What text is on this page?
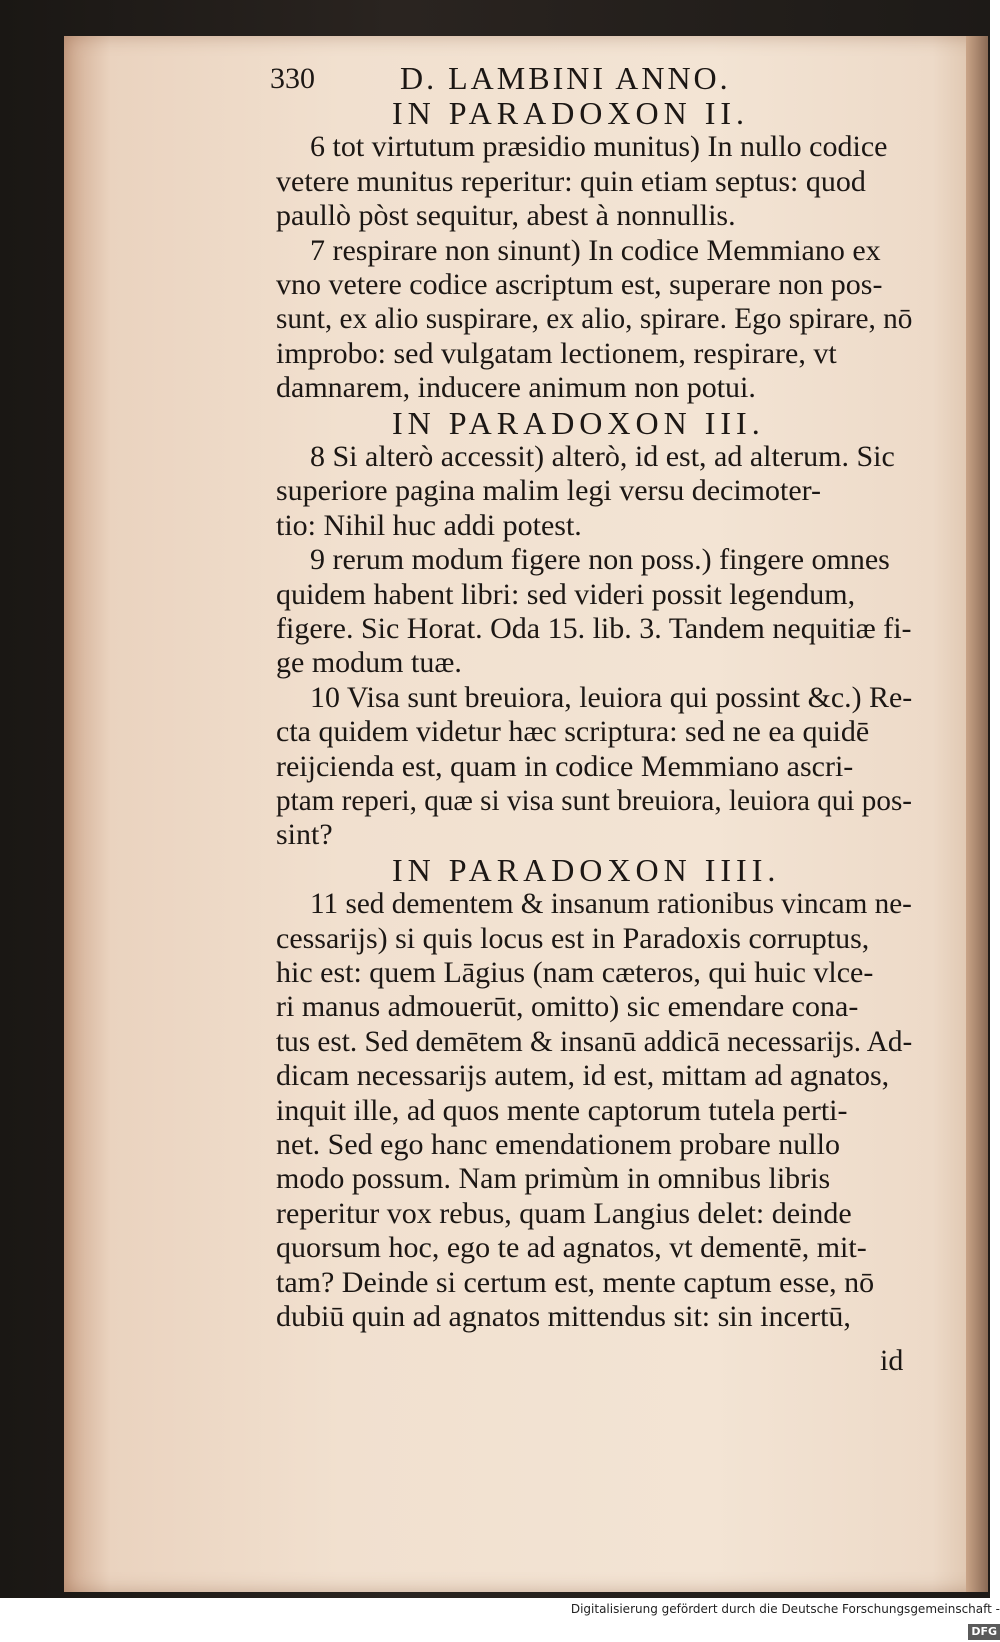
330	D. LAMBINI ANNO.
IN PARADOXON II.
6 tot virtutum præsidio munitus) In nullo codice
vetere munitus reperitur: quin etiam septus: quod
paullò pòst sequitur, abest à nonnullis.
7 respirare non sinunt) In codice Memmiano ex
vno vetere codice ascriptum est, superare non pos-
sunt, ex alio suspirare, ex alio, spirare. Ego spirare, nō
improbo: sed vulgatam lectionem, respirare, vt
damnarem, inducere animum non potui.
IN PARADOXON III.
8 Si alterò accessit) alterò, id est, ad alterum. Sic
superiore pagina malim legi versu decimoter-
tio: Nihil huc addi potest.
9 rerum modum figere non poss.) fingere omnes
quidem habent libri: sed videri possit legendum,
figere. Sic Horat. Oda 15. lib. 3. Tandem nequitiæ fi-
ge modum tuæ.
10 Visa sunt breuiora, leuiora qui possint &c.) Re-
cta quidem videtur hæc scriptura: sed ne ea quidē
reijcienda est, quam in codice Memmiano ascri-
ptam reperi, quæ si visa sunt breuiora, leuiora qui pos-
sint?
IN PARADOXON IIII.
11 sed dementem & insanum rationibus vincam ne-
cessarijs) si quis locus est in Paradoxis corruptus,
hic est: quem Lāgius (nam cæteros, qui huic vlce-
ri manus admouerūt, omitto) sic emendare cona-
tus est. Sed demētem & insanū addicā necessarijs. Ad-
dicam necessarijs autem, id est, mittam ad agnatos,
inquit ille, ad quos mente captorum tutela perti-
net. Sed ego hanc emendationem probare nullo
modo possum. Nam primùm in omnibus libris
reperitur vox rebus, quam Langius delet: deinde
quorsum hoc, ego te ad agnatos, vt dementē, mit-
tam? Deinde si certum est, mente captum esse, nō
dubiū quin ad agnatos mittendus sit: sin incertū,
id
Digitalisierung gefördert durch die Deutsche Forschungsgemeinschaft - DFG
